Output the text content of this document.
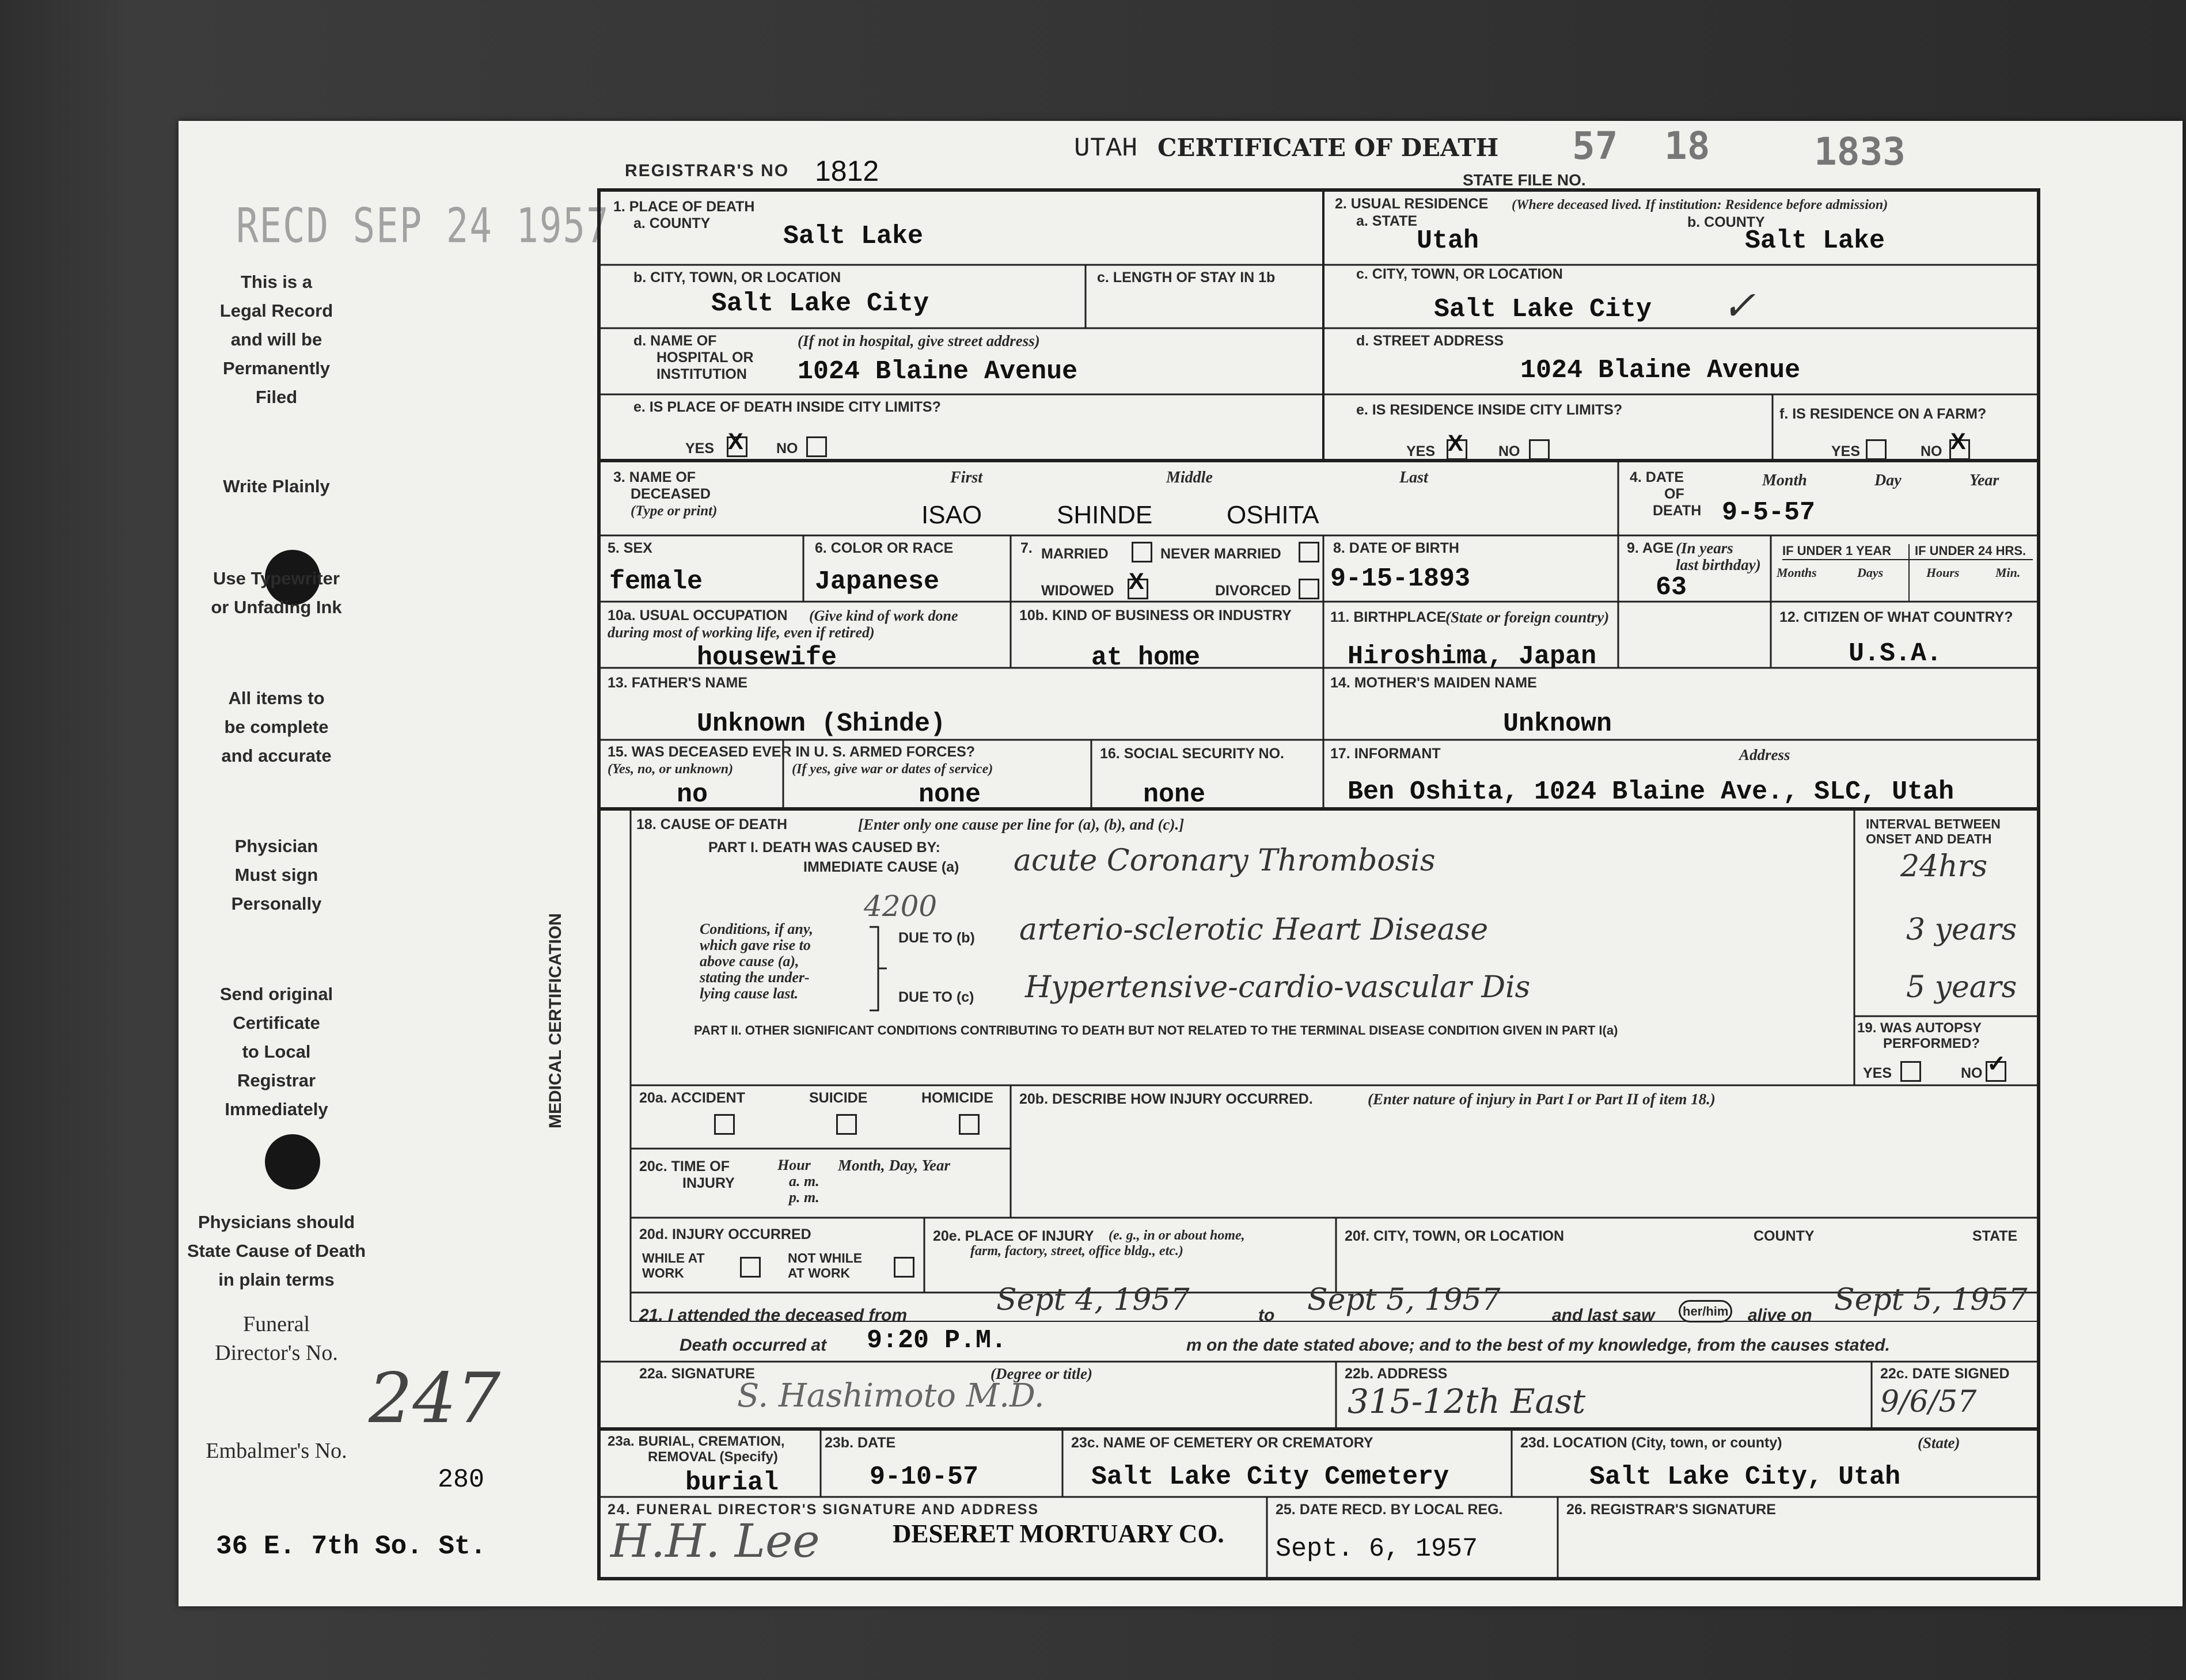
RECD SEP 24 1957
This is a
Legal Record
and will be
Permanently
Filed
Write Plainly
Use Typewriter
or Unfading Ink
All items to
be complete
and accurate
Physician
Must sign
Personally
Send original
Certificate
to Local
Registrar
Immediately
Physicians should
State Cause of Death
in plain terms
Funeral
Director's No.
247
Embalmer's No.
280
36 E. 7th So. St.
REGISTRAR'S NO 1812
UTAH CERTIFICATE OF DEATH 57 18	1833
STATE FILE NO.
1. PLACE OF DEATH
a. COUNTY	Salt Lake
b. CITY, TOWN, OR LOCATION
Salt Lake City
c. LENGTH OF STAY IN 1b
d. NAME OF
HOSPITAL OR
INSTITUTION
(If not in hospital, give street address)
1024 Blaine Avenue
e. IS PLACE OF DEATH INSIDE CITY LIMITS?
YES X NO
2. USUAL RESIDENCE (Where deceased lived. If institution: Residence before admission)
a. STATE
Utah
b. COUNTY
Salt Lake
c. CITY, TOWN, OR LOCATION
Salt Lake City ✓
d. STREET ADDRESS
1024 Blaine Avenue
e. IS RESIDENCE INSIDE CITY LIMITS?
YES X NO
f. IS RESIDENCE ON A FARM?
YES	NO X
3. NAME OF
DECEASED
(Type or print)
First	Middle	Last
ISAO	SHINDE	OSHITA
4. DATE
OF
DEATH
Month	Day	Year
9-5-57
5. SEX
female
6. COLOR OR RACE
Japanese
7. MARRIED	NEVER MARRIED
WIDOWED X	DIVORCED
8. DATE OF BIRTH
9-15-1893
9. AGE (In years
last birthday)
63
IF UNDER 1 YEAR IF UNDER 24 HRS.
Months	Days	Hours	Min.
10a. USUAL OCCUPATION	(Give kind of work done
during most of working life, even if retired)
housewife
10b. KIND OF BUSINESS OR INDUSTRY
at home
11. BIRTHPLACE
(State or foreign country)
Hiroshima, Japan
12. CITIZEN OF WHAT COUNTRY?
U.S.A.
13. FATHER'S NAME
Unknown (Shinde)
14. MOTHER'S MAIDEN NAME
Unknown
15. WAS DECEASED EVER IN U. S. ARMED FORCES?
(Yes, no, or unknown)	(If yes, give war or dates of service)
no	none
16. SOCIAL SECURITY NO.
none
17. INFORMANT	Address
Ben Oshita, 1024 Blaine Ave., SLC, Utah
MEDICAL CERTIFICATION
18. CAUSE OF DEATH	[Enter only one cause per line for (a), (b), and (c).]
PART I. DEATH WAS CAUSED BY:
IMMEDIATE CAUSE (a) acute Coronary Thrombosis
4200
Conditions, if any,
which gave rise to
above cause (a),
stating the under-
lying cause last.
DUE TO (b) arterio-sclerotic Heart Disease
DUE TO (c) Hypertensive-cardio-vascular Dis
INTERVAL BETWEEN
ONSET AND DEATH
24hrs
3 years
5 years
PART II. OTHER SIGNIFICANT CONDITIONS CONTRIBUTING TO DEATH BUT NOT RELATED TO THE TERMINAL DISEASE CONDITION GIVEN IN PART I(a)	19. WAS AUTOPSY
PERFORMED?
YES	NO ✓
20a. ACCIDENT	SUICIDE	HOMICIDE 20b. DESCRIBE HOW INJURY OCCURRED.	(Enter nature of injury in Part I or Part II of item 18.)
20c. TIME OF
INJURY
Hour
a. m.
p. m.
Month, Day, Year
20d. INJURY OCCURRED
WHILE AT
WORK
NOT WHILE
AT WORK
20e. PLACE OF INJURY	(e. g., in or about home,
farm, factory, street, office bldg., etc.)
20f. CITY, TOWN, OR LOCATION	COUNTY	STATE
21. I attended the deceased from	Sept 4, 1957	to Sept 5, 1957	and last saw	her/him alive on Sept 5, 1957
Death occurred at 9:20 P.M.	m on the date stated above; and to the best of my knowledge, from the causes stated.
22a. SIGNATURE	(Degree or title)
S. Hashimoto M.D.
22b. ADDRESS
315-12th East
22c. DATE SIGNED
9/6/57
23a. BURIAL, CREMATION,
REMOVAL (Specify)
burial
23b. DATE
9-10-57
23c. NAME OF CEMETERY OR CREMATORY
Salt Lake City Cemetery
23d. LOCATION (City, town, or county)	(State)
Salt Lake City, Utah
24. FUNERAL DIRECTOR'S SIGNATURE AND ADDRESS
H.H. Lee	DESERET MORTUARY CO.
25. DATE RECD. BY LOCAL REG.
Sept. 6, 1957
26. REGISTRAR'S SIGNATURE
